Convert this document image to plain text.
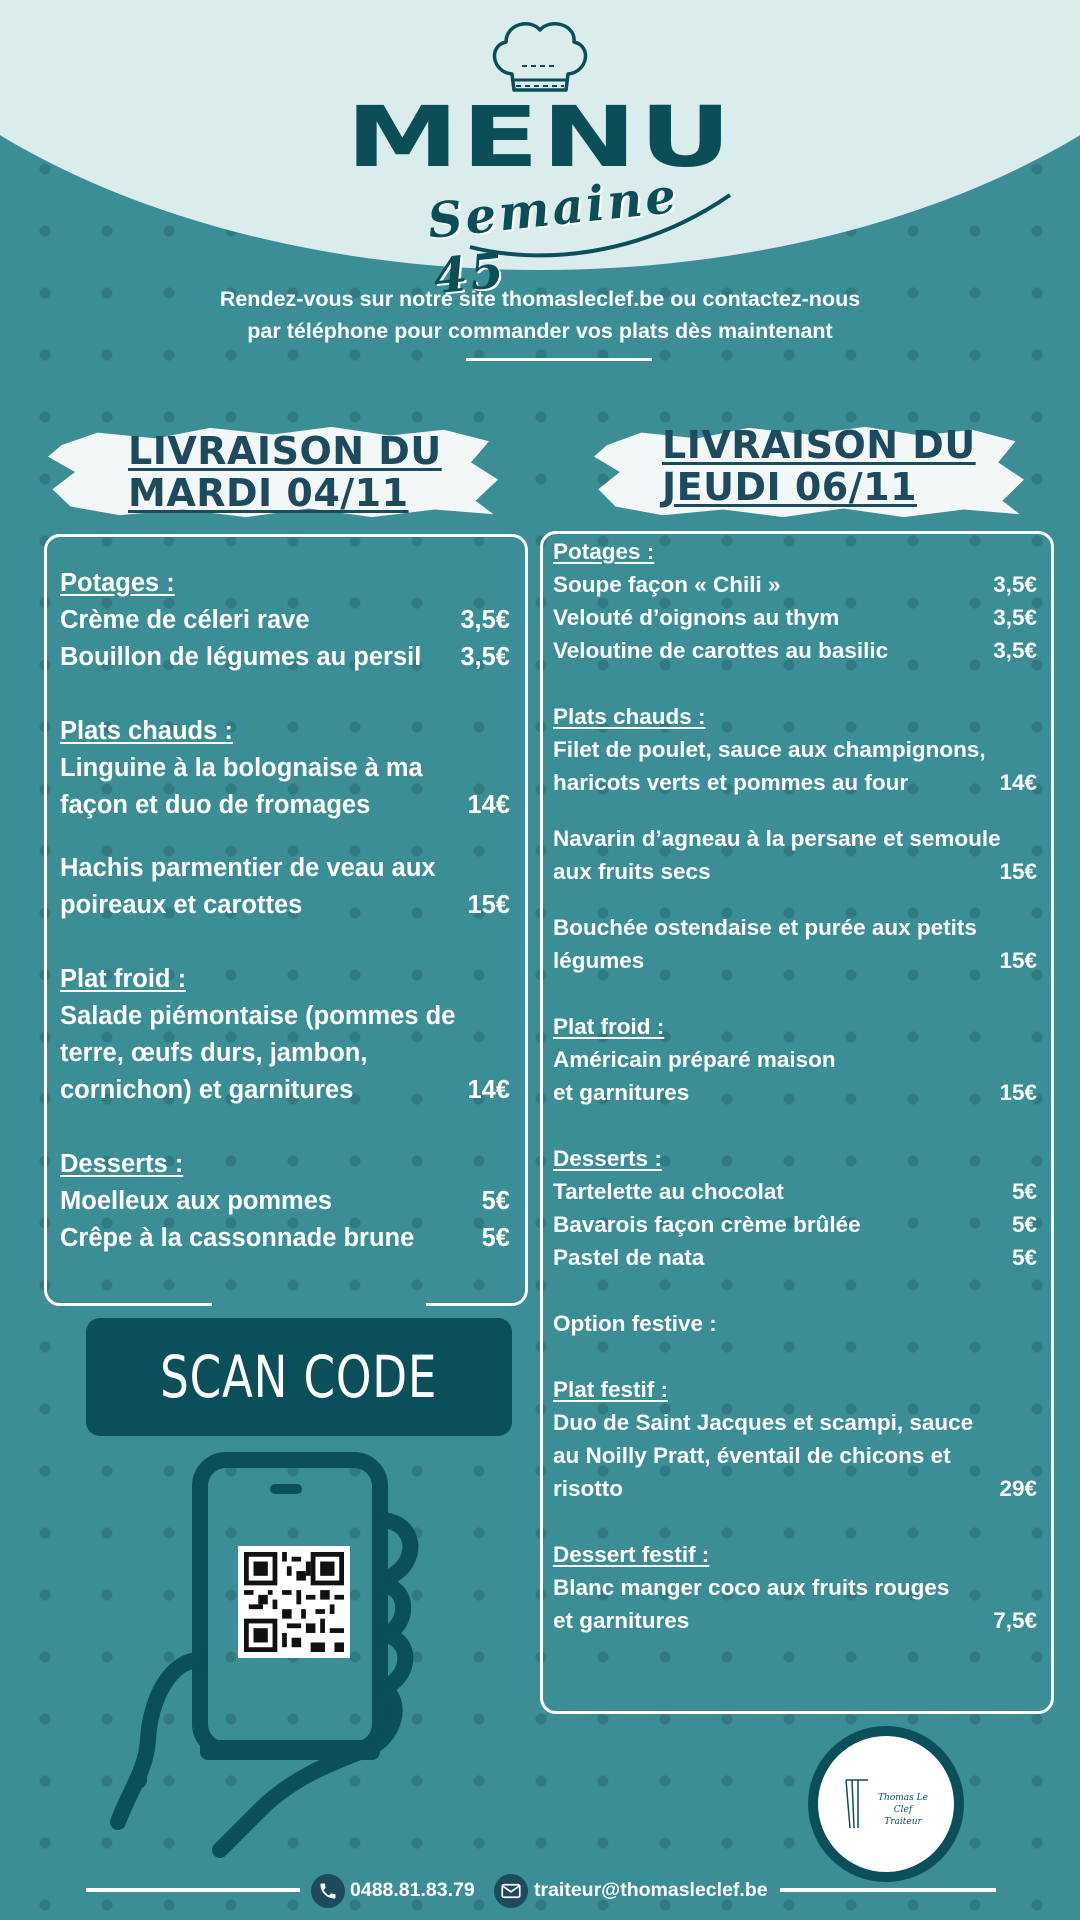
MENU
Semaine 45
Rendez-vous sur notre site thomasleclef.be ou contactez-nous
par téléphone pour commander vos plats dès maintenant
LIVRAISON DU
MARDI 04/11
LIVRAISON DU
JEUDI 06/11
Potages :
Crème de céleri rave	3,5€
Bouillon de légumes au persil	3,5€
Plats chauds :
Linguine à la bolognaise à ma
façon et duo de fromages	14€
Hachis parmentier de veau aux
poireaux et carottes	15€
Plat froid :
Salade piémontaise (pommes de
terre, œufs durs, jambon,
cornichon) et garnitures	14€
Desserts :
Moelleux aux pommes	5€
Crêpe à la cassonnade brune	5€
Potages :
Soupe façon « Chili »	3,5€
Velouté d’oignons au thym	3,5€
Veloutine de carottes au basilic	3,5€
Plats chauds :
Filet de poulet, sauce aux champignons,
haricots verts et pommes au four	14€
Navarin d’agneau à la persane et semoule
aux fruits secs	15€
Bouchée ostendaise et purée aux petits
légumes	15€
Plat froid :
Américain préparé maison
et garnitures	15€
Desserts :
Tartelette au chocolat	5€
Bavarois façon crème brûlée	5€
Pastel de nata	5€
Option festive :
Plat festif :
Duo de Saint Jacques et scampi, sauce
au Noilly Pratt, éventail de chicons et
risotto	29€
Dessert festif :
Blanc manger coco aux fruits rouges
et garnitures	7,5€
SCAN CODE
Thomas Le Clef
Traiteur
0488.81.83.79	traiteur@thomasleclef.be
